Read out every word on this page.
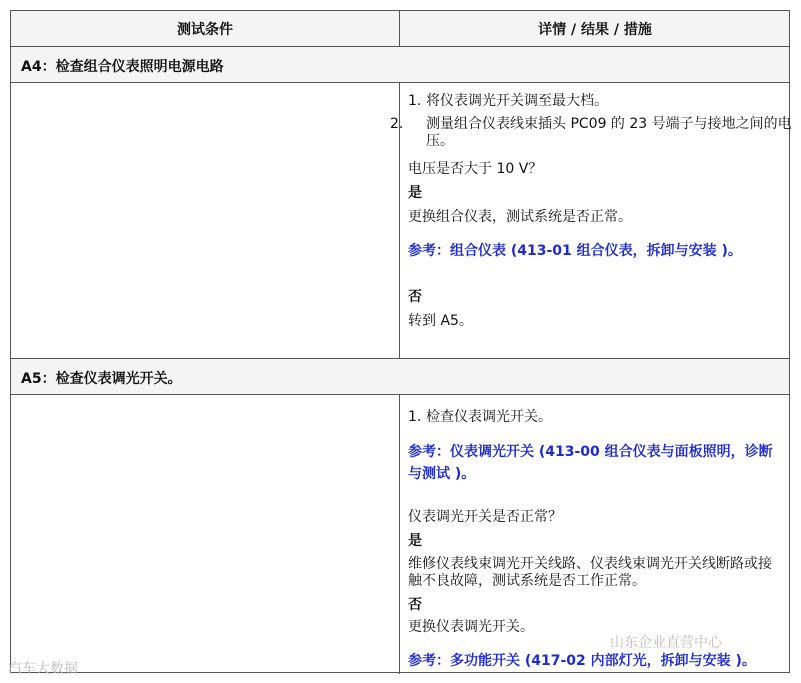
测试条件	详情 / 结果 / 措施
A4：检查组合仪表照明电源电路
1. 将仪表调光开关调至最大档。
2. 测量组合仪表线束插头 PC09 的 23 号端子与接地之间的电压。
电压是否大于 10 V？
是
更换组合仪表，测试系统是否正常。
参考：组合仪表 (413-01 组合仪表，拆卸与安装 )。
否
转到 A5。
A5：检查仪表调光开关。
1. 检查仪表调光开关。
参考：仪表调光开关 (413-00 组合仪表与面板照明，诊断与测试 )。
仪表调光开关是否正常？
是
维修仪表线束调光开关线路、仪表线束调光开关线断路或接触不良故障，测试系统是否工作正常。
否
更换仪表调光开关。
参考：多功能开关 (417-02 内部灯光，拆卸与安装 )。
汽车大数据
山东企业直营中心
